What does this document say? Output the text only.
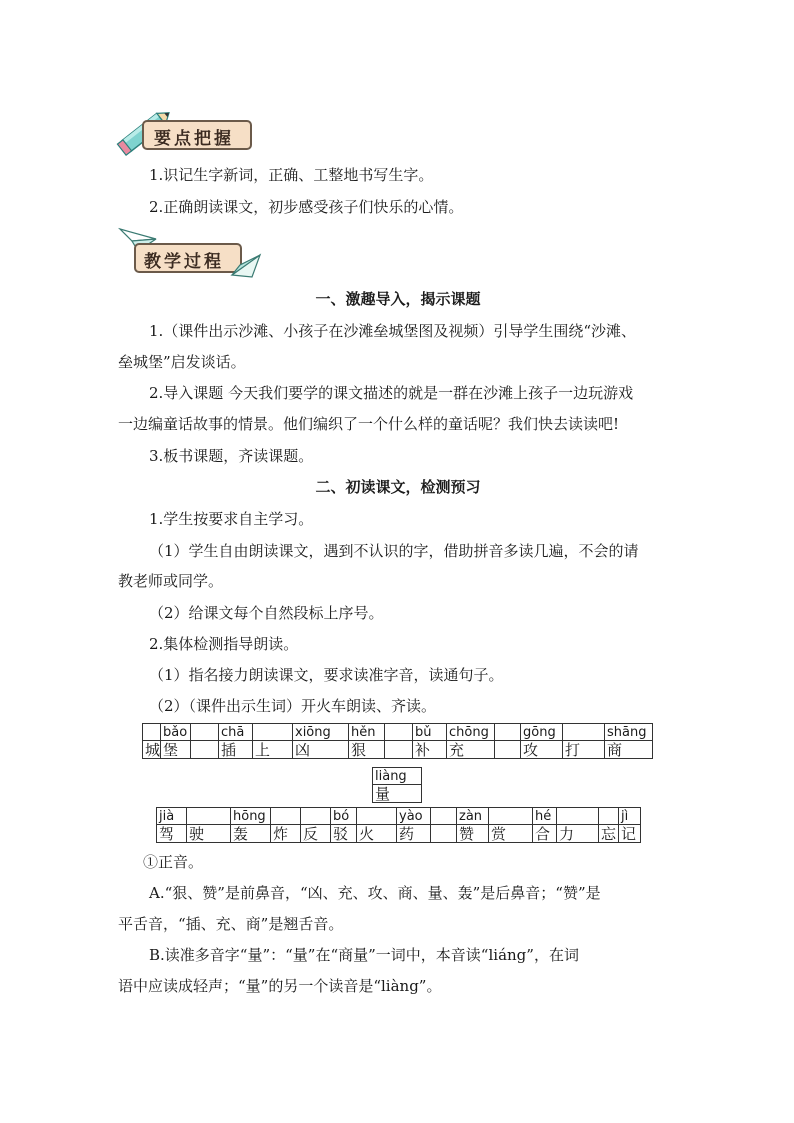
要点把握
1.识记生字新词，正确、工整地书写生字。
2.正确朗读课文，初步感受孩子们快乐的心情。
教学过程
一、激趣导入，揭示课题
1.（课件出示沙滩、小孩子在沙滩垒城堡图及视频）引导学生围绕“沙滩、
垒城堡”启发谈话。
2.导入课题 今天我们要学的课文描述的就是一群在沙滩上孩子一边玩游戏
一边编童话故事的情景。他们编织了一个什么样的童话呢？我们快去读读吧!
3.板书课题，齐读课题。
二、初读课文，检测预习
1.学生按要求自主学习。
（1）学生自由朗读课文，遇到不认识的字，借助拼音多读几遍，不会的请
教老师或同学。
（2）给课文每个自然段标上序号。
2.集体检测指导朗读。
（1）指名接力朗读课文，要求读准字音，读通句子。
（2）（课件出示生词）开火车朗读、齐读。
城
bǎo
堡
chā
插 上
xiōng
凶
hěn
狠
bǔ
补
chōng
充
gōng
攻 打
shāng
商
jià
驾 驶
hōng
轰 炸 反
bó
驳 火
yào
药
zàn
赞 赏
hé
合 力 忘
jì
记
liàng
量
①正音。
A.“狠、赞”是前鼻音，“凶、充、攻、商、量、轰”是后鼻音；“赞”是
平舌音，“插、充、商”是翘舌音。
B.读准多音字“量”：“量”在“商量”一词中，本音读“liáng”，在词
语中应读成轻声；“量”的另一个读音是“liàng”。
